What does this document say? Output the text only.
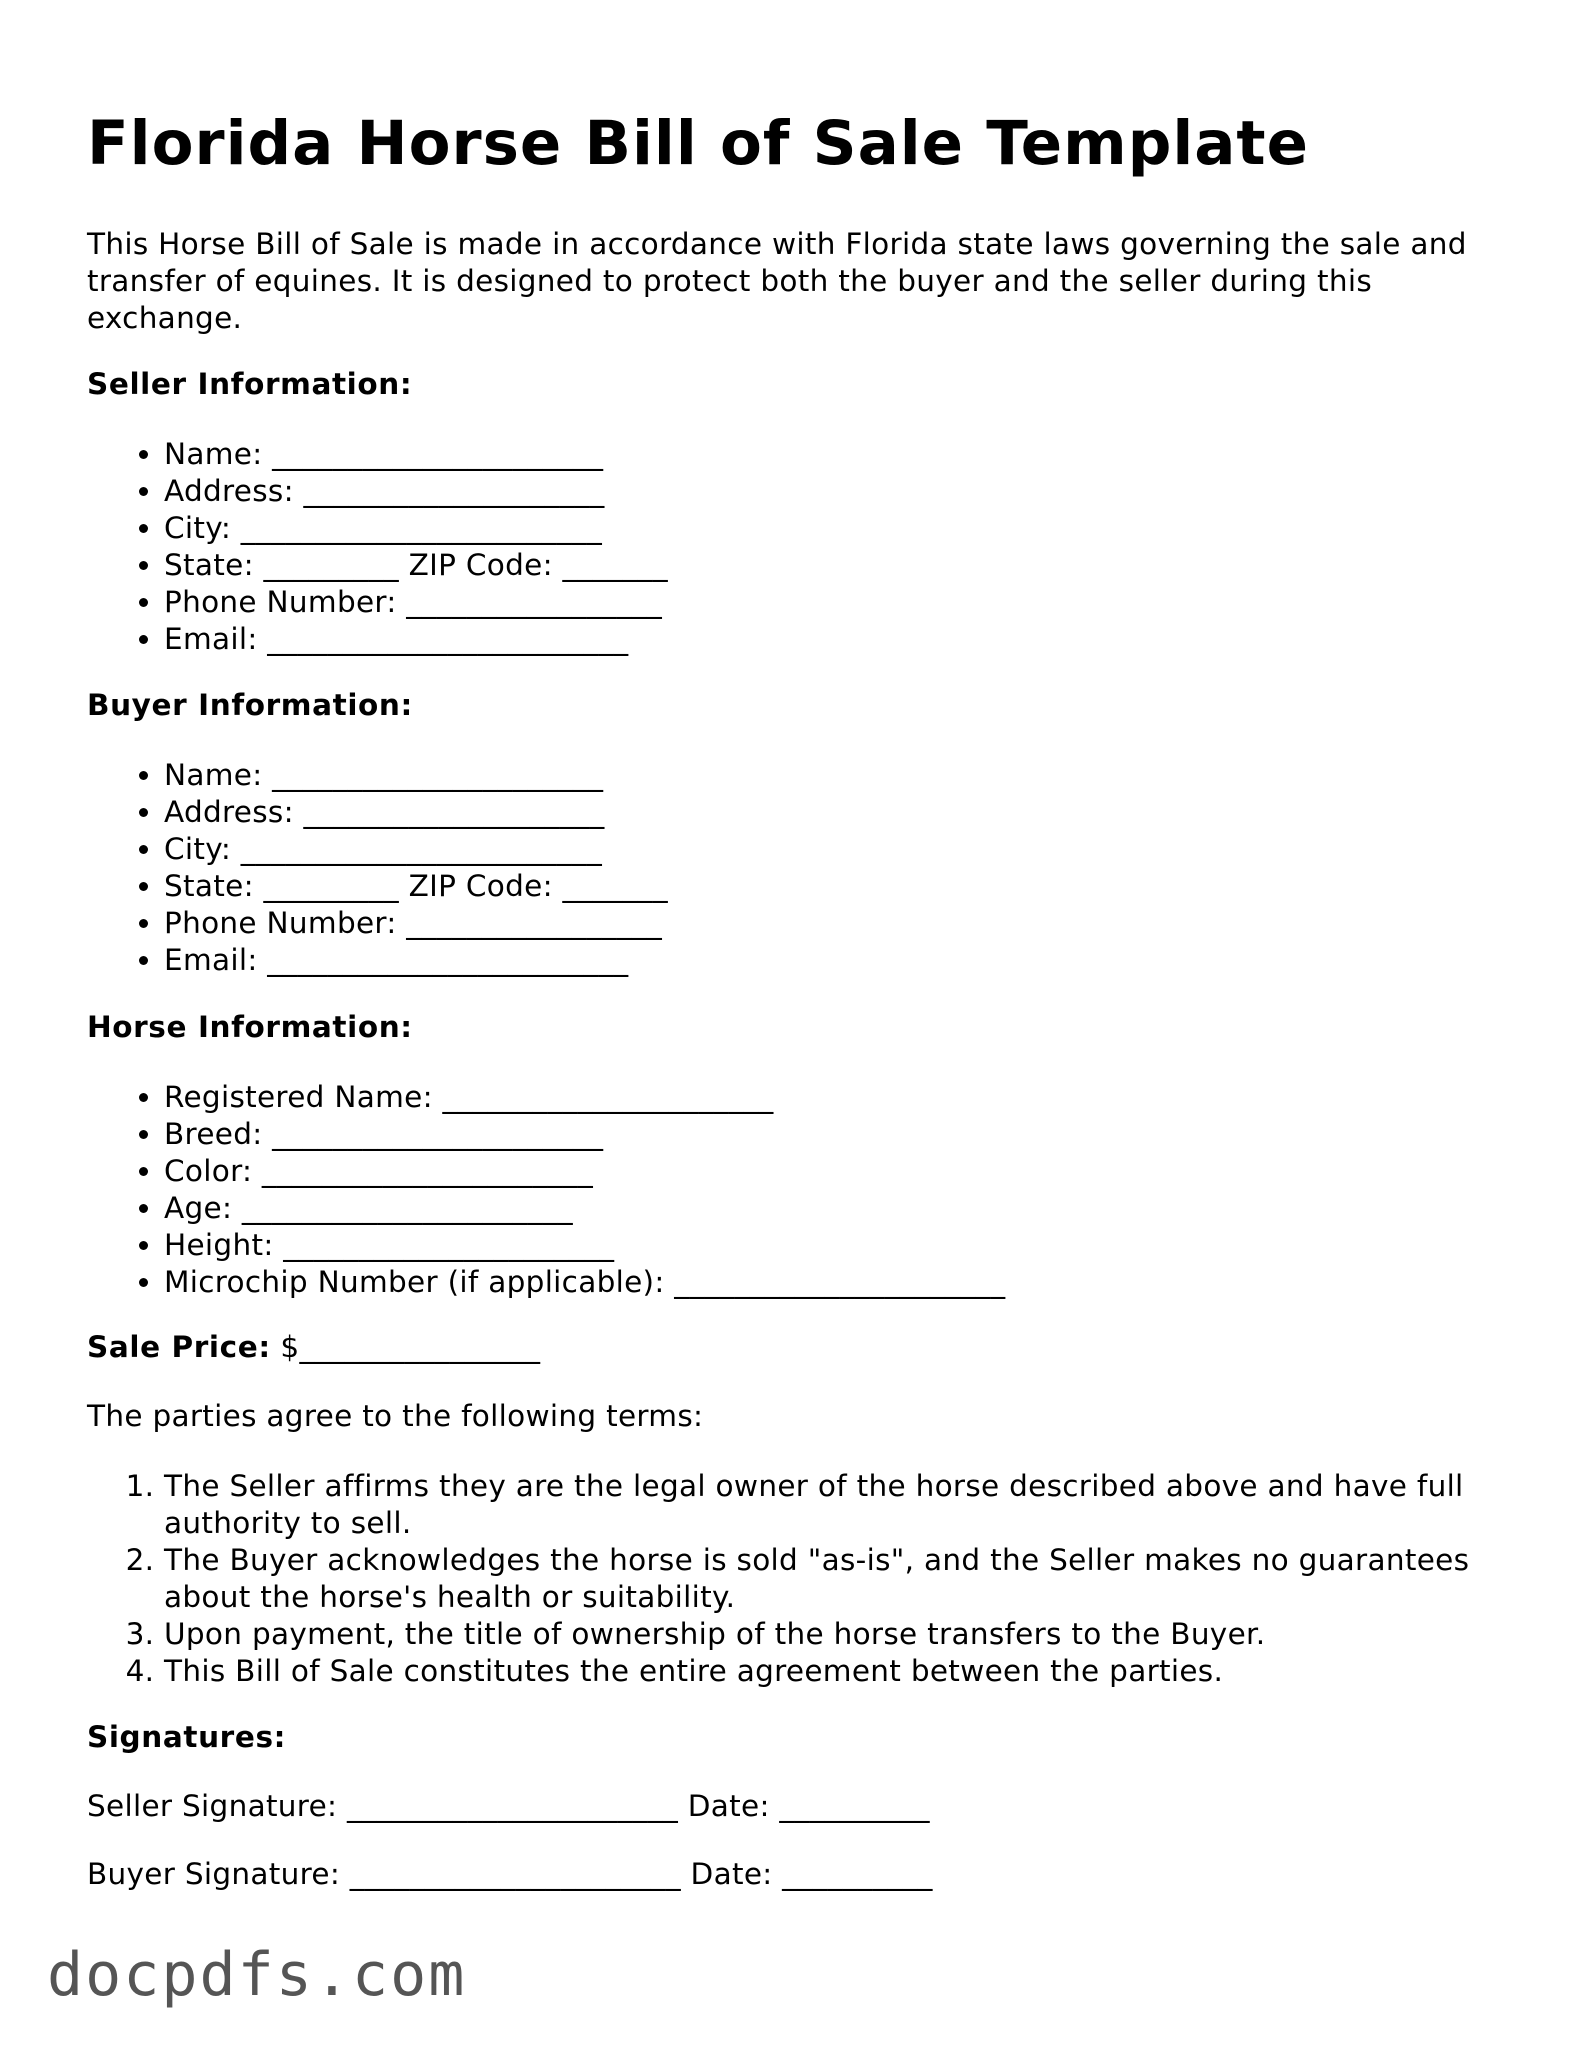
Florida Horse Bill of Sale Template

This Horse Bill of Sale is made in accordance with Florida state laws governing the sale and transfer of equines. It is designed to protect both the buyer and the seller during this exchange.

Seller Information:

• Name: ______________________
• Address: ____________________
• City: ________________________
• State: _________ ZIP Code: _______
• Phone Number: _________________
• Email: ________________________

Buyer Information:

• Name: ______________________
• Address: ____________________
• City: ________________________
• State: _________ ZIP Code: _______
• Phone Number: _________________
• Email: ________________________

Horse Information:

• Registered Name: ______________________
• Breed: ______________________
• Color: ______________________
• Age: ______________________
• Height: ______________________
• Microchip Number (if applicable): ______________________

Sale Price: $________________

The parties agree to the following terms:

1. The Seller affirms they are the legal owner of the horse described above and have full authority to sell.
2. The Buyer acknowledges the horse is sold "as-is", and the Seller makes no guarantees about the horse's health or suitability.
3. Upon payment, the title of ownership of the horse transfers to the Buyer.
4. This Bill of Sale constitutes the entire agreement between the parties.

Signatures:

Seller Signature: ______________________ Date: __________

Buyer Signature: ______________________ Date: __________

docpdfs.com
